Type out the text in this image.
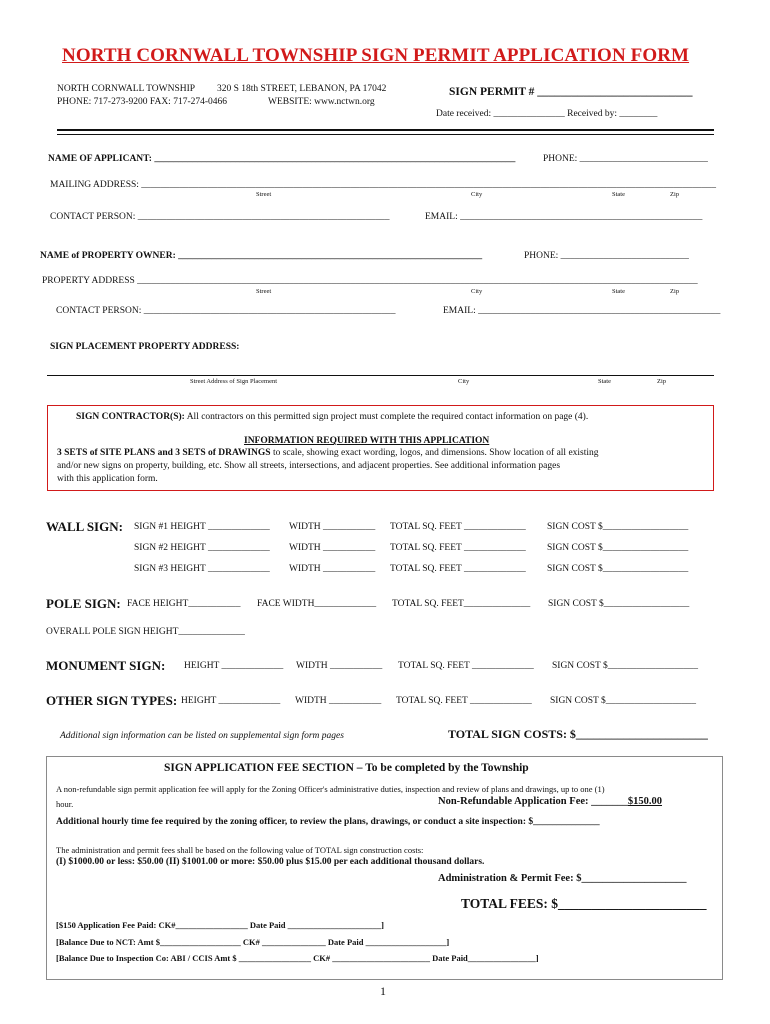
NORTH CORNWALL TOWNSHIP SIGN PERMIT APPLICATION FORM
NORTH CORNWALL TOWNSHIP 320 S 18th STREET, LEBANON, PA 17042
PHONE: 717-273-9200 FAX: 717-274-0466	WEBSITE: www.nctwn.org
SIGN PERMIT # ___________________________
Date received: _______________ Received by: ________
NAME OF APPLICANT: ____________________________________________________________________________	PHONE: ___________________________
MAILING ADDRESS: _________________________________________________________________________________________________________________________
Street	City	State	Zip
CONTACT PERSON: _____________________________________________________	EMAIL: ___________________________________________________
NAME of PROPERTY OWNER: ________________________________________________________________	PHONE: ___________________________
PROPERTY ADDRESS ______________________________________________________________________________________________________________________
Street	City	State	Zip
CONTACT PERSON: _____________________________________________________	EMAIL: ___________________________________________________
SIGN PLACEMENT PROPERTY ADDRESS:
Street Address of Sign Placement	City	State	Zip
SIGN CONTRACTOR(S): All contractors on this permitted sign project must complete the required contact information on page (4).
INFORMATION REQUIRED WITH THIS APPLICATION
3 SETS of SITE PLANS and 3 SETS of DRAWINGS to scale, showing exact wording, logos, and dimensions. Show location of all existing
and/or new signs on property, building, etc. Show all streets, intersections, and adjacent properties. See additional information pages
with this application form.
WALL SIGN: SIGN #1 HEIGHT _____________ WIDTH ___________ TOTAL SQ. FEET _____________ SIGN COST $__________________
SIGN #2 HEIGHT _____________ WIDTH ___________ TOTAL SQ. FEET _____________ SIGN COST $__________________
SIGN #3 HEIGHT _____________ WIDTH ___________ TOTAL SQ. FEET _____________ SIGN COST $__________________
POLE SIGN: FACE HEIGHT___________ FACE WIDTH_____________ TOTAL SQ. FEET______________ SIGN COST $__________________
OVERALL POLE SIGN HEIGHT______________
MONUMENT SIGN: HEIGHT _____________ WIDTH ___________ TOTAL SQ. FEET _____________ SIGN COST $___________________
OTHER SIGN TYPES: HEIGHT _____________ WIDTH ___________ TOTAL SQ. FEET _____________ SIGN COST $___________________
Additional sign information can be listed on supplemental sign form pages	TOTAL SIGN COSTS: $______________________
SIGN APPLICATION FEE SECTION – To be completed by the Township
A non-refundable sign permit application fee will apply for the Zoning Officer's administrative duties, inspection and review of plans and drawings, up to one (1)
hour.	Non-Refundable Application Fee: _______$150.00
Additional hourly time fee required by the zoning officer, to review the plans, drawings, or conduct a site inspection: $______________
The administration and permit fees shall be based on the following value of TOTAL sign construction costs:
(I) $1000.00 or less: $50.00 (II) $1001.00 or more: $50.00 plus $15.00 per each additional thousand dollars.
Administration & Permit Fee: $____________________
TOTAL FEES: $______________________
[$150 Application Fee Paid: CK#_________________ Date Paid ______________________]
[Balance Due to NCT: Amt $___________________ CK# _______________ Date Paid ___________________]
[Balance Due to Inspection Co: ABI / CCIS Amt $ _________________ CK# _______________________ Date Paid________________]
1
